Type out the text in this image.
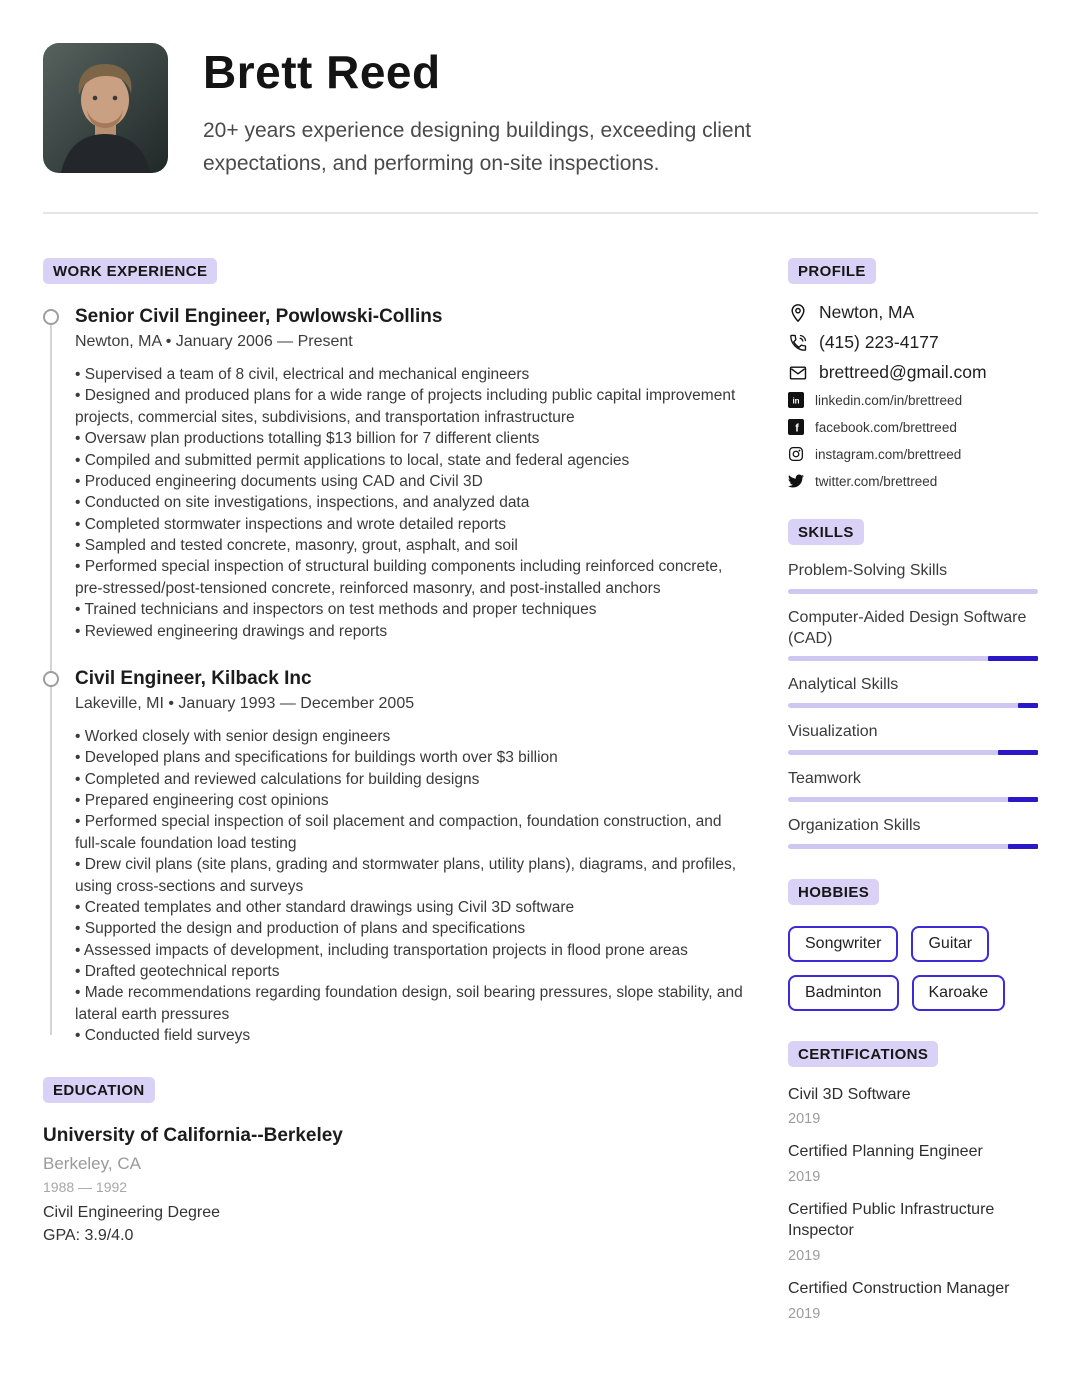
Brett Reed
20+ years experience designing buildings, exceeding client expectations, and performing on-site inspections.
WORK EXPERIENCE
Senior Civil Engineer, Powlowski-Collins
Newton, MA • January 2006 — Present
• Supervised a team of 8 civil, electrical and mechanical engineers
• Designed and produced plans for a wide range of projects including public capital improvement projects, commercial sites, subdivisions, and transportation infrastructure
• Oversaw plan productions totalling $13 billion for 7 different clients
• Compiled and submitted permit applications to local, state and federal agencies
• Produced engineering documents using CAD and Civil 3D
• Conducted on site investigations, inspections, and analyzed data
• Completed stormwater inspections and wrote detailed reports
• Sampled and tested concrete, masonry, grout, asphalt, and soil
• Performed special inspection of structural building components including reinforced concrete, pre-stressed/post-tensioned concrete, reinforced masonry, and post-installed anchors
• Trained technicians and inspectors on test methods and proper techniques
• Reviewed engineering drawings and reports
Civil Engineer, Kilback Inc
Lakeville, MI • January 1993 — December 2005
• Worked closely with senior design engineers
• Developed plans and specifications for buildings worth over $3 billion
• Completed and reviewed calculations for building designs
• Prepared engineering cost opinions
• Performed special inspection of soil placement and compaction, foundation construction, and full-scale foundation load testing
• Drew civil plans (site plans, grading and stormwater plans, utility plans), diagrams, and profiles, using cross-sections and surveys
• Created templates and other standard drawings using Civil 3D software
• Supported the design and production of plans and specifications
• Assessed impacts of development, including transportation projects in flood prone areas
• Drafted geotechnical reports
• Made recommendations regarding foundation design, soil bearing pressures, slope stability, and lateral earth pressures
• Conducted field surveys
EDUCATION
University of California--Berkeley
Berkeley, CA
1988 — 1992
Civil Engineering Degree
GPA: 3.9/4.0
PROFILE
Newton, MA
(415) 223-4177
brettreed@gmail.com
in linkedin.com/in/brettreed
f facebook.com/brettreed
instagram.com/brettreed
twitter.com/brettreed
SKILLS
Problem-Solving Skills
Computer-Aided Design Software (CAD)
Analytical Skills
Visualization
Teamwork
Organization Skills
HOBBIES
Songwriter	Guitar
Badminton	Karoake
CERTIFICATIONS
Civil 3D Software
2019
Certified Planning Engineer
2019
Certified Public Infrastructure Inspector
2019
Certified Construction Manager
2019
